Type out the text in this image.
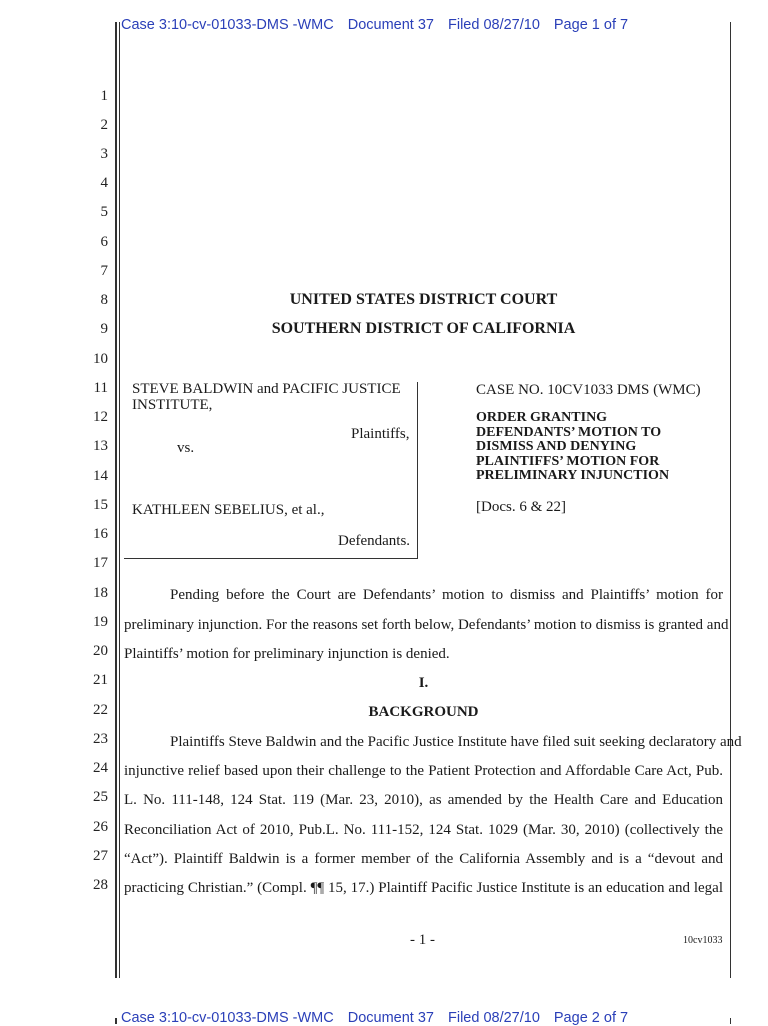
Case 3:10-cv-01033-DMS -WMC Document 37 Filed 08/27/10 Page 1 of 7
1
2
3
4
5
6
7
8
9
10
11
12
13
14
15
16
17
18
19
20
21
22
23
24
25
26
27
28
UNITED STATES DISTRICT COURT
SOUTHERN DISTRICT OF CALIFORNIA
STEVE BALDWIN and PACIFIC JUSTICE
INSTITUTE,
Plaintiffs,
vs.
KATHLEEN SEBELIUS, et al.,
Defendants.
CASE NO. 10CV1033 DMS (WMC)
ORDER GRANTING
DEFENDANTS’ MOTION TO
DISMISS AND DENYING
PLAINTIFFS’ MOTION FOR
PRELIMINARY INJUNCTION
[Docs. 6 & 22]
Pending before the Court are Defendants’ motion to dismiss and Plaintiffs’ motion for
preliminary injunction. For the reasons set forth below, Defendants’ motion to dismiss is granted and
Plaintiffs’ motion for preliminary injunction is denied.
I.
BACKGROUND
Plaintiffs Steve Baldwin and the Pacific Justice Institute have filed suit seeking declaratory and
injunctive relief based upon their challenge to the Patient Protection and Affordable Care Act, Pub.
L. No. 111-148, 124 Stat. 119 (Mar. 23, 2010), as amended by the Health Care and Education
Reconciliation Act of 2010, Pub.L. No. 111-152, 124 Stat. 1029 (Mar. 30, 2010) (collectively the
“Act”). Plaintiff Baldwin is a former member of the California Assembly and is a “devout and
practicing Christian.” (Compl. ¶¶ 15, 17.) Plaintiff Pacific Justice Institute is an education and legal
- 1 -	10cv1033
Case 3:10-cv-01033-DMS -WMC Document 37 Filed 08/27/10 Page 2 of 7
